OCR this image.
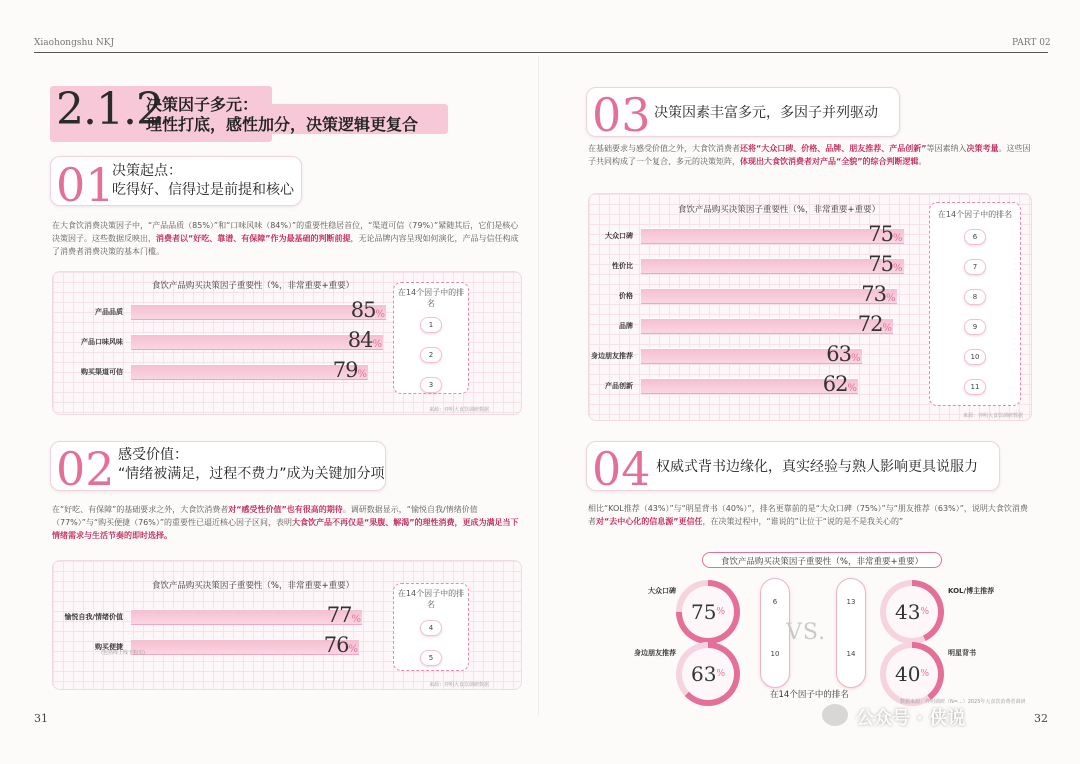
Xiaohongshu NKJ	PART 02
2.1.2
决策因子多元：
理性打底，感性加分，决策逻辑更复合
01
决策起点：
吃得好、信得过是前提和核心
在大食饮消费决策因子中，“产品品质（85%）”和“口味风味（84%）”的重要性稳居首位，“渠道可信（79%）”紧随其后，它们是核心决策因子。这些数据反映出，消费者以“好吃、靠谱、有保障”作为最基础的判断前提，无论品牌内容呈现如何演化，产品与信任构成了消费者消费决策的基本门槛。
食饮产品购买决策因子重要性（%，非常重要+重要）
产品品质	85%
产品口味风味	84%
购买渠道可信	79%
在14个因子中的排名
1
2
3
来源：弈明大食饮调研数据
02 感受价值：
“情绪被满足，过程不费力”成为关键加分项
在“好吃、有保障”的基础要求之外，大食饮消费者对“感受性价值”也有很高的期待。调研数据显示，“愉悦自我/情绪价值（77%）”与“购买便捷（76%）”的重要性已逼近核心因子区间，表明大食饮产品不再仅是“果腹、解渴”的理性消费，更成为满足当下情绪需求与生活节奏的即时选择。
食饮产品购买决策因子重要性（%，非常重要+重要）
愉悦自我/情绪价值	77%
购买便捷	76%
(包括线上线下购买)
在14个因子中的排名
4
5
来源：弈明大食饮调研数据
31
03 决策因素丰富多元，多因子并列驱动
在基础要求与感受价值之外，大食饮消费者还将“大众口碑、价格、品牌、朋友推荐、产品创新”等因素纳入决策考量。这些因子共同构成了一个复合、多元的决策矩阵，体现出大食饮消费者对产品“全貌”的综合判断逻辑。
食饮产品购买决策因子重要性（%，非常重要+重要）
大众口碑	75%
性价比	75%
价格	73%
品牌	72%
身边朋友推荐	63%
产品创新	62%
在14个因子中的排名
6
7
8
9
10
11
来源：弈明大食饮调研数据
04 权威式背书边缘化，真实经验与熟人影响更具说服力
相比“KOL推荐（43%）”与“明星背书（40%）”，排名更靠前的是“大众口碑（75%）”与“朋友推荐（63%）”，说明大食饮消费者对“去中心化的信息源”更信任，在决策过程中，“谁说的”让位于“说的是不是我关心的”
食饮产品购买决策因子重要性（%，非常重要+重要）
75 %
大众口碑
63 %
身边朋友推荐
6
10
43 %
KOL/博主推荐
40 %
明星背书
13
14
VS.
在14个因子中的排名
数据来源：弈明调研（N=...）2025年大食饮消费者调研
32
公众号 · 侠说
